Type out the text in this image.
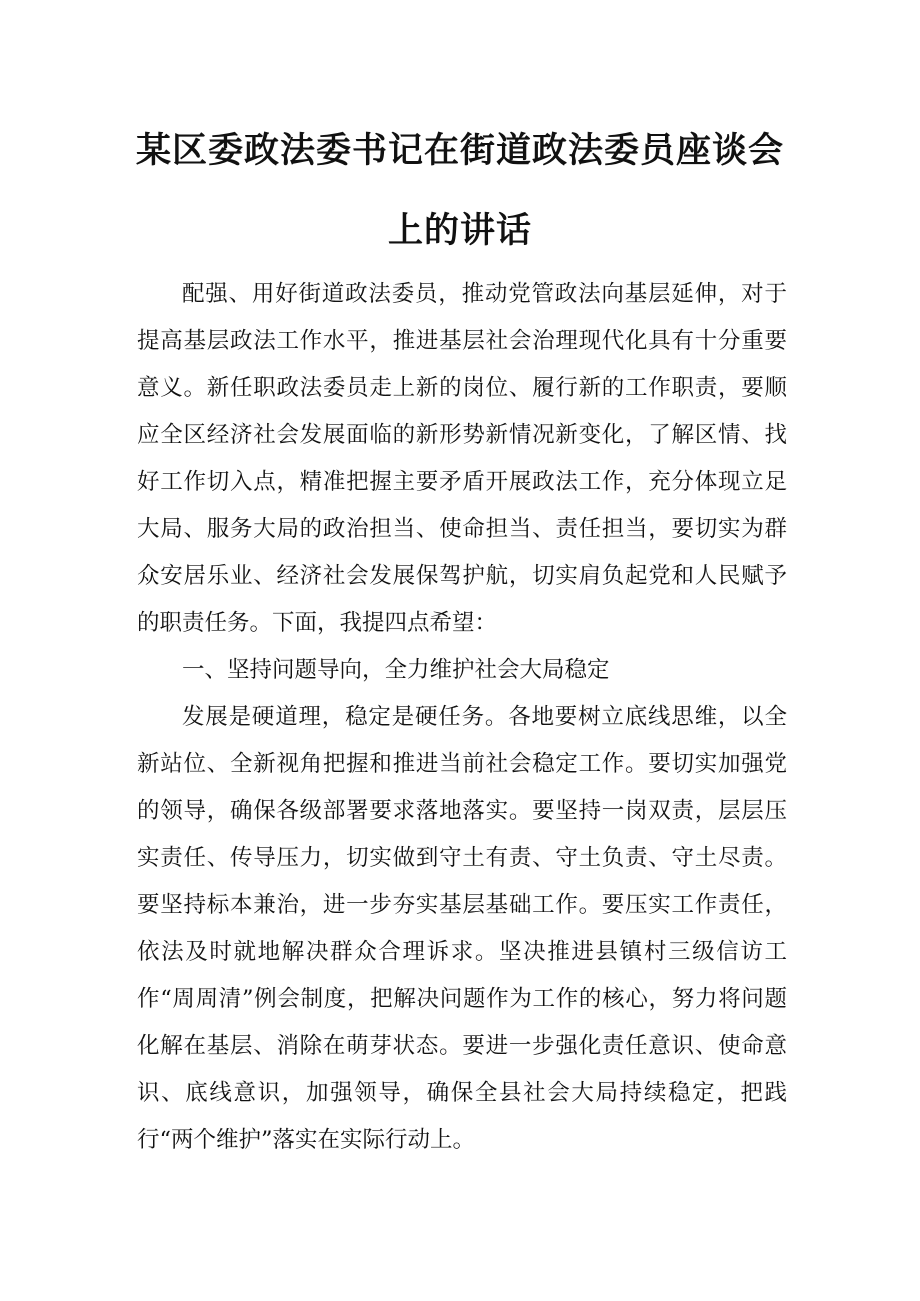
某区委政法委书记在街道政法委员座谈会
上的讲话

配强、用好街道政法委员，推动党管政法向基层延伸，对于提高基层政法工作水平，推进基层社会治理现代化具有十分重要意义。新任职政法委员走上新的岗位、履行新的工作职责，要顺应全区经济社会发展面临的新形势新情况新变化，了解区情、找好工作切入点，精准把握主要矛盾开展政法工作，充分体现立足大局、服务大局的政治担当、使命担当、责任担当，要切实为群众安居乐业、经济社会发展保驾护航，切实肩负起党和人民赋予的职责任务。下面，我提四点希望：

一、坚持问题导向，全力维护社会大局稳定

发展是硬道理，稳定是硬任务。各地要树立底线思维，以全新站位、全新视角把握和推进当前社会稳定工作。要切实加强党的领导，确保各级部署要求落地落实。要坚持一岗双责，层层压实责任、传导压力，切实做到守土有责、守土负责、守土尽责。要坚持标本兼治，进一步夯实基层基础工作。要压实工作责任，依法及时就地解决群众合理诉求。坚决推进县镇村三级信访工作“周周清”例会制度，把解决问题作为工作的核心，努力将问题化解在基层、消除在萌芽状态。要进一步强化责任意识、使命意识、底线意识，加强领导，确保全县社会大局持续稳定，把践行“两个维护”落实在实际行动上。
